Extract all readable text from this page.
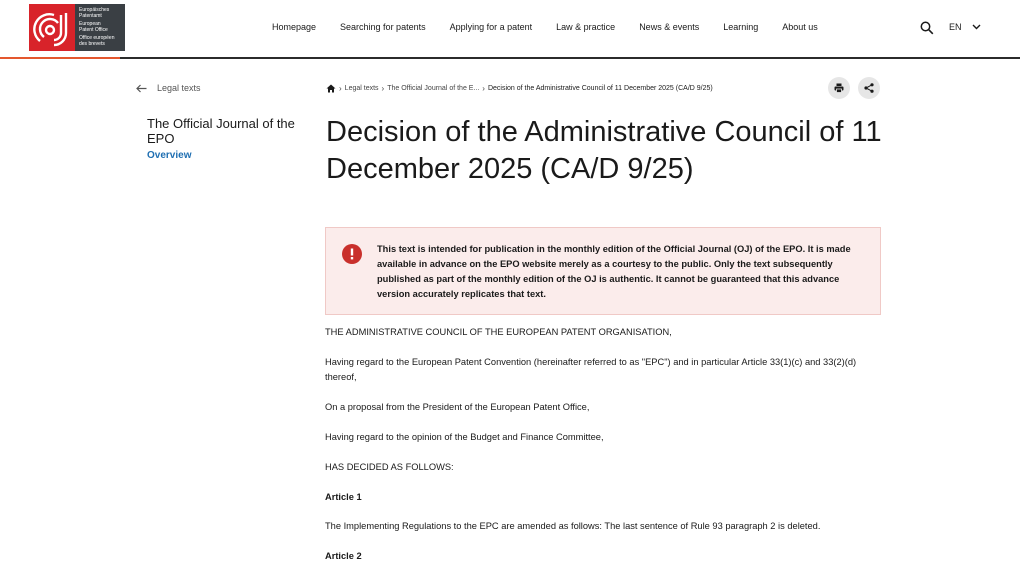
Europäisches
Patentamt
European
Patent Office
Office européen
des brevets
Homepage	Searching for patents	Applying for a patent	Law & practice	News & events	Learning	About us	EN
Legal texts
The Official Journal of the EPO
Overview
› Legal texts › The Official Journal of the E... › Decision of the Administrative Council of 11 December 2025 (CA/D 9/25)
Decision of the Administrative Council of 11 December 2025 (CA/D 9/25)
This text is intended for publication in the monthly edition of the Official Journal (OJ) of the EPO. It is made available in advance on the EPO website merely as a courtesy to the public. Only the text subsequently published as part of the monthly edition of the OJ is authentic. It cannot be guaranteed that this advance version accurately replicates that text.

THE ADMINISTRATIVE COUNCIL OF THE EUROPEAN PATENT ORGANISATION,

Having regard to the European Patent Convention (hereinafter referred to as "EPC") and in particular Article 33(1)(c) and 33(2)(d) thereof,

On a proposal from the President of the European Patent Office,

Having regard to the opinion of the Budget and Finance Committee,

HAS DECIDED AS FOLLOWS:

Article 1

The Implementing Regulations to the EPC are amended as follows: The last sentence of Rule 93 paragraph 2 is deleted.

Article 2
